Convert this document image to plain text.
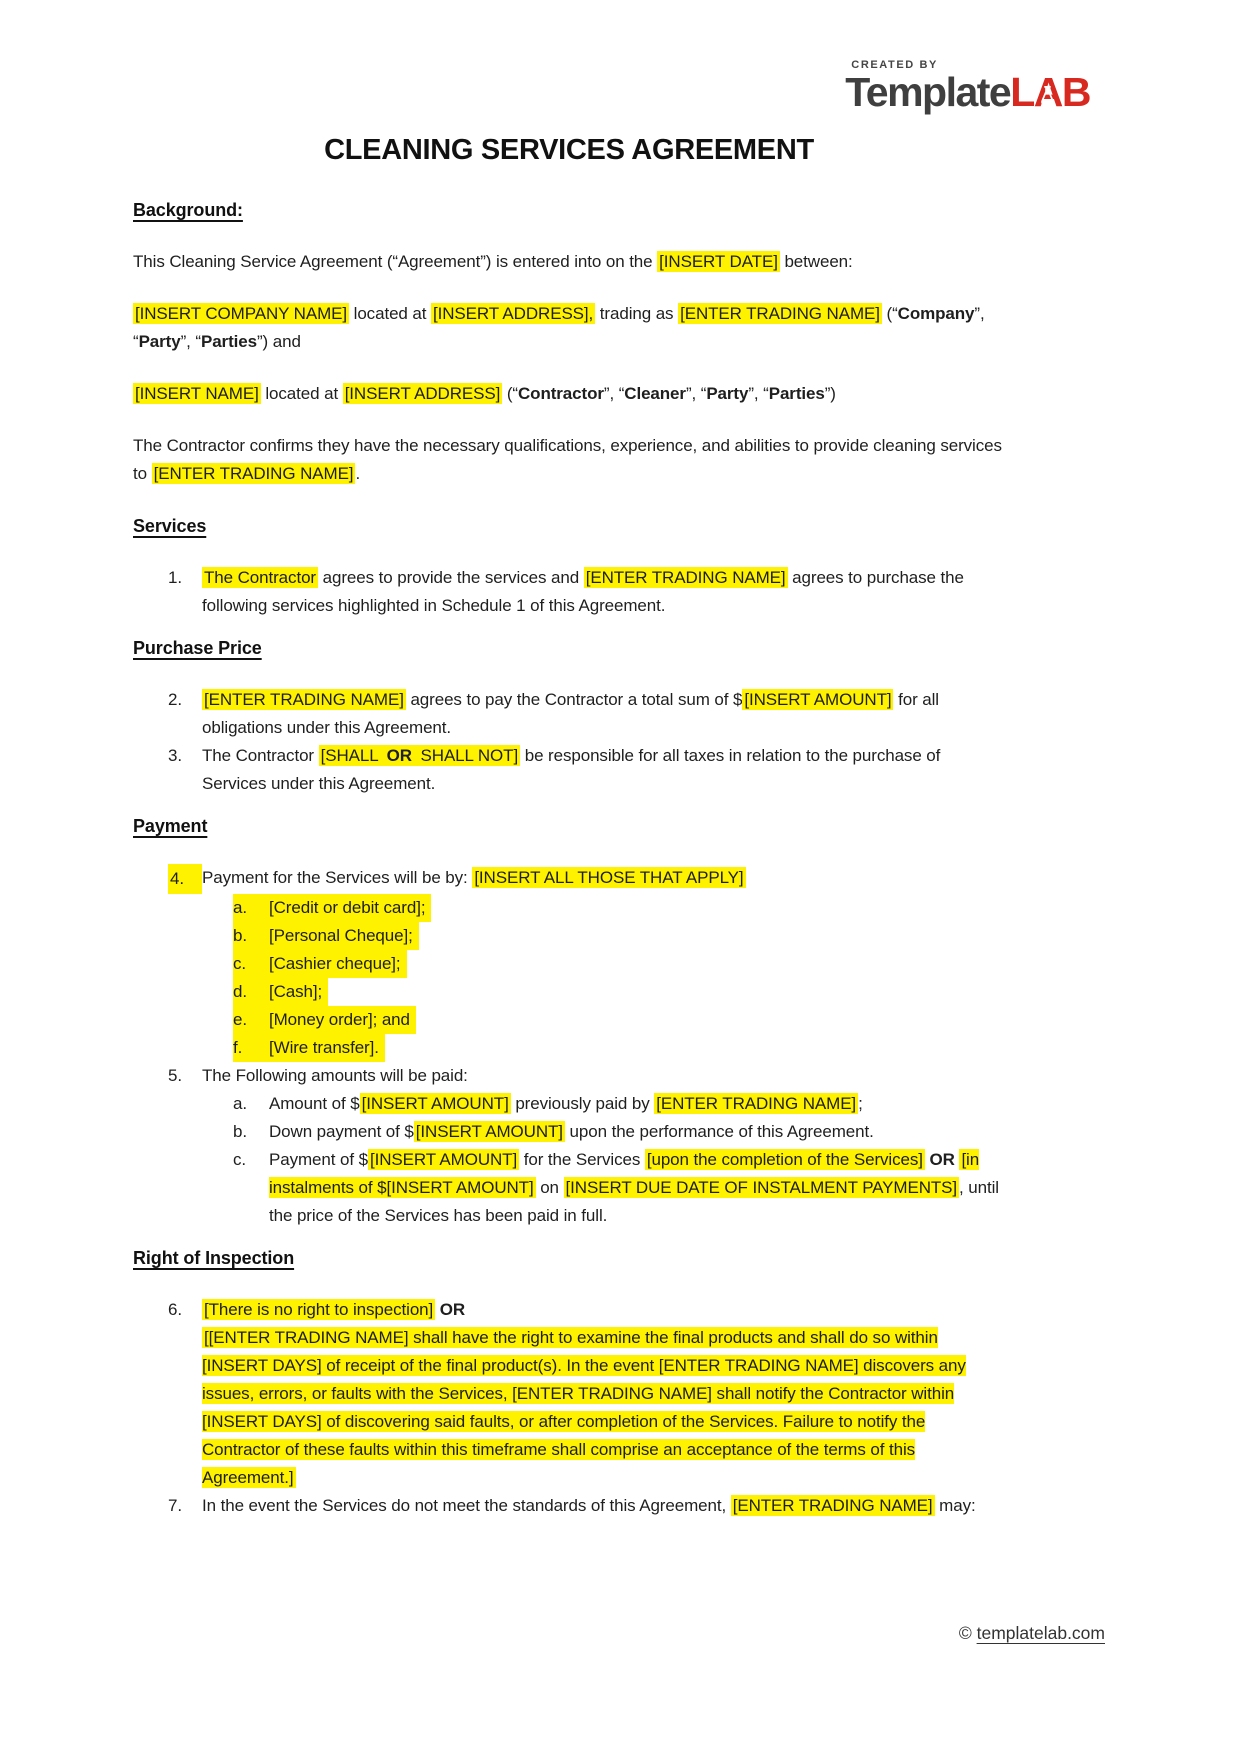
CREATED BY
TemplateLA
B
CLEANING SERVICES AGREEMENT
Background:

This Cleaning Service Agreement (“Agreement”) is entered into on the [INSERT DATE] between:

[INSERT COMPANY NAME] located at [INSERT ADDRESS], trading as [ENTER TRADING NAME] (“Company”, “Party”, “Parties”) and

[INSERT NAME] located at [INSERT ADDRESS] (“Contractor”, “Cleaner”, “Party”, “Parties”)

The Contractor confirms they have the necessary qualifications, experience, and abilities to provide cleaning services to [ENTER TRADING NAME] .

Services
1.	The Contractor agrees to provide the services and [ENTER TRADING NAME] agrees to purchase the following services highlighted in Schedule 1 of this Agreement.
Purchase Price
2.	[ENTER TRADING NAME] agrees to pay the Contractor a total sum of $ [INSERT AMOUNT] for all obligations under this Agreement.
3.	The Contractor [SHALL OR SHALL NOT] be responsible for all taxes in relation to the purchase of Services under this Agreement.
Payment
4.	Payment for the Services will be by: [INSERT ALL THOSE THAT APPLY]
a.	[Credit or debit card];
b.	[Personal Cheque];
c.	[Cashier cheque];
d.	[Cash];
e.	[Money order]; and
f.	[Wire transfer].
5.	The Following amounts will be paid:
a.	Amount of $ [INSERT AMOUNT] previously paid by [ENTER TRADING NAME] ;
b.	Down payment of $ [INSERT AMOUNT] upon the performance of this Agreement.
c.	Payment of $ [INSERT AMOUNT] for the Services [upon the completion of the Services] OR [in instalments of $[INSERT AMOUNT] on [INSERT DUE DATE OF INSTALMENT PAYMENTS] , until the price of the Services has been paid in full.
Right of Inspection
6.	[There is no right to inspection] OR
[[ENTER TRADING NAME] shall have the right to examine the final products and shall do so within [INSERT DAYS] of receipt of the final product(s). In the event [ENTER TRADING NAME] discovers any issues, errors, or faults with the Services, [ENTER TRADING NAME] shall notify the Contractor within [INSERT DAYS] of discovering said faults, or after completion of the Services. Failure to notify the Contractor of these faults within this timeframe shall comprise an acceptance of the terms of this Agreement.]
7.	In the event the Services do not meet the standards of this Agreement, [ENTER TRADING NAME] may:
© templatelab.com
